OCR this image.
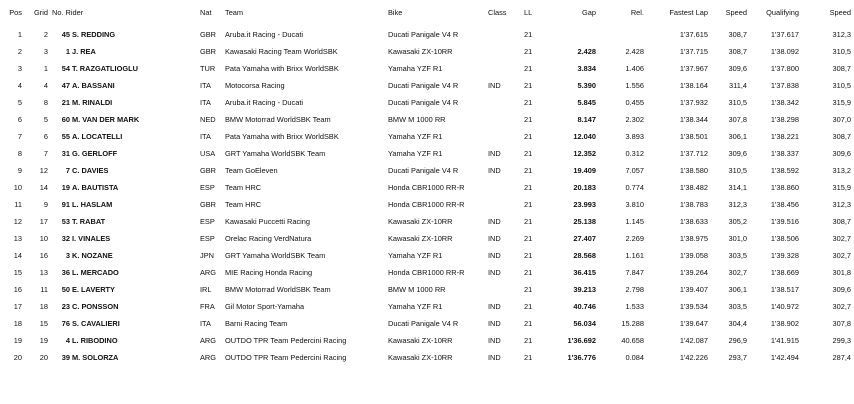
Pos	Grid	No. Rider		Nat	Team	Bike	Class	LL	Gap	Rel.	Fastest Lap	Speed	Qualifying	Speed
1	2	45	S. REDDING	GBR	Aruba.it Racing - Ducati	Ducati Panigale V4 R		21			1'37.615	308,7	1'37.617	312,3
2	3	1	J. REA	GBR	Kawasaki Racing Team WorldSBK	Kawasaki ZX-10RR		21	2.428	2.428	1'37.715	308,7	1'38.092	310,5
3	1	54	T. RAZGATLIOGLU	TUR	Pata Yamaha with Brixx WorldSBK	Yamaha YZF R1		21	3.834	1.406	1'37.967	309,6	1'37.800	308,7
4	4	47	A. BASSANI	ITA	Motocorsa Racing	Ducati Panigale V4 R	IND	21	5.390	1.556	1'38.164	311,4	1'37.838	310,5
5	8	21	M. RINALDI	ITA	Aruba.it Racing - Ducati	Ducati Panigale V4 R		21	5.845	0.455	1'37.932	310,5	1'38.342	315,9
6	5	60	M. VAN DER MARK	NED	BMW Motorrad WorldSBK Team	BMW M 1000 RR		21	8.147	2.302	1'38.344	307,8	1'38.298	307,0
7	6	55	A. LOCATELLI	ITA	Pata Yamaha with Brixx WorldSBK	Yamaha YZF R1		21	12.040	3.893	1'38.501	306,1	1'38.221	308,7
8	7	31	G. GERLOFF	USA	GRT Yamaha WorldSBK Team	Yamaha YZF R1	IND	21	12.352	0.312	1'37.712	309,6	1'38.337	309,6
9	12	7	C. DAVIES	GBR	Team GoEleven	Ducati Panigale V4 R	IND	21	19.409	7.057	1'38.580	310,5	1'38.592	313,2
10	14	19	A. BAUTISTA	ESP	Team HRC	Honda CBR1000 RR-R		21	20.183	0.774	1'38.482	314,1	1'38.860	315,9
11	9	91	L. HASLAM	GBR	Team HRC	Honda CBR1000 RR-R		21	23.993	3.810	1'38.783	312,3	1'38.456	312,3
12	17	53	T. RABAT	ESP	Kawasaki Puccetti Racing	Kawasaki ZX-10RR	IND	21	25.138	1.145	1'38.633	305,2	1'39.516	308,7
13	10	32	I. VINALES	ESP	Orelac Racing VerdNatura	Kawasaki ZX-10RR	IND	21	27.407	2.269	1'38.975	301,0	1'38.506	302,7
14	16	3	K. NOZANE	JPN	GRT Yamaha WorldSBK Team	Yamaha YZF R1	IND	21	28.568	1.161	1'39.058	303,5	1'39.328	302,7
15	13	36	L. MERCADO	ARG	MIE Racing Honda Racing	Honda CBR1000 RR-R	IND	21	36.415	7.847	1'39.264	302,7	1'38.669	301,8
16	11	50	E. LAVERTY	IRL	BMW Motorrad WorldSBK Team	BMW M 1000 RR		21	39.213	2.798	1'39.407	306,1	1'38.517	309,6
17	18	23	C. PONSSON	FRA	Gil Motor Sport-Yamaha	Yamaha YZF R1	IND	21	40.746	1.533	1'39.534	303,5	1'40.972	302,7
18	15	76	S. CAVALIERI	ITA	Barni Racing Team	Ducati Panigale V4 R	IND	21	56.034	15.288	1'39.647	304,4	1'38.902	307,8
19	19	4	L. RIBODINO	ARG	OUTDO TPR Team Pedercini Racing	Kawasaki ZX-10RR	IND	21	1'36.692	40.658	1'42.087	296,9	1'41.915	299,3
20	20	39	M. SOLORZA	ARG	OUTDO TPR Team Pedercini Racing	Kawasaki ZX-10RR	IND	21	1'36.776	0.084	1'42.226	293,7	1'42.494	287,4
